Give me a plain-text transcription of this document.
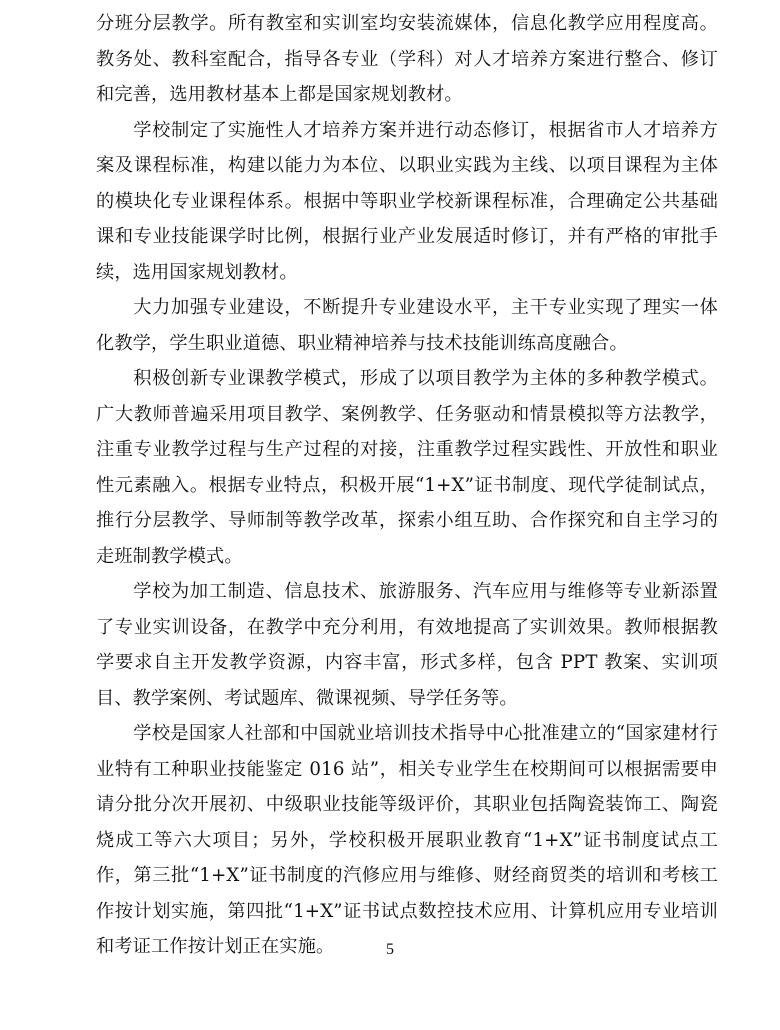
分班分层教学。所有教室和实训室均安装流媒体，信息化教学应用程度高。教务处、教科室配合，指导各专业（学科）对人才培养方案进行整合、修订和完善，选用教材基本上都是国家规划教材。

学校制定了实施性人才培养方案并进行动态修订，根据省市人才培养方案及课程标准，构建以能力为本位、以职业实践为主线、以项目课程为主体的模块化专业课程体系。根据中等职业学校新课程标准，合理确定公共基础课和专业技能课学时比例，根据行业产业发展适时修订，并有严格的审批手续，选用国家规划教材。

大力加强专业建设，不断提升专业建设水平，主干专业实现了理实一体化教学，学生职业道德、职业精神培养与技术技能训练高度融合。

积极创新专业课教学模式，形成了以项目教学为主体的多种教学模式。广大教师普遍采用项目教学、案例教学、任务驱动和情景模拟等方法教学，注重专业教学过程与生产过程的对接，注重教学过程实践性、开放性和职业性元素融入。根据专业特点，积极开展“1+X”证书制度、现代学徒制试点，推行分层教学、导师制等教学改革，探索小组互助、合作探究和自主学习的走班制教学模式。

学校为加工制造、信息技术、旅游服务、汽车应用与维修等专业新添置了专业实训设备，在教学中充分利用，有效地提高了实训效果。教师根据教学要求自主开发教学资源，内容丰富，形式多样，包含 PPT 教案、实训项目、教学案例、考试题库、微课视频、导学任务等。

学校是国家人社部和中国就业培训技术指导中心批准建立的“国家建材行业特有工种职业技能鉴定 016 站”，相关专业学生在校期间可以根据需要申请分批分次开展初、中级职业技能等级评价，其职业包括陶瓷装饰工、陶瓷烧成工等六大项目；另外，学校积极开展职业教育“1+X”证书制度试点工作，第三批“1+X”证书制度的汽修应用与维修、财经商贸类的培训和考核工作按计划实施，第四批“1+X”证书试点数控技术应用、计算机应用专业培训和考证工作按计划正在实施。	5
